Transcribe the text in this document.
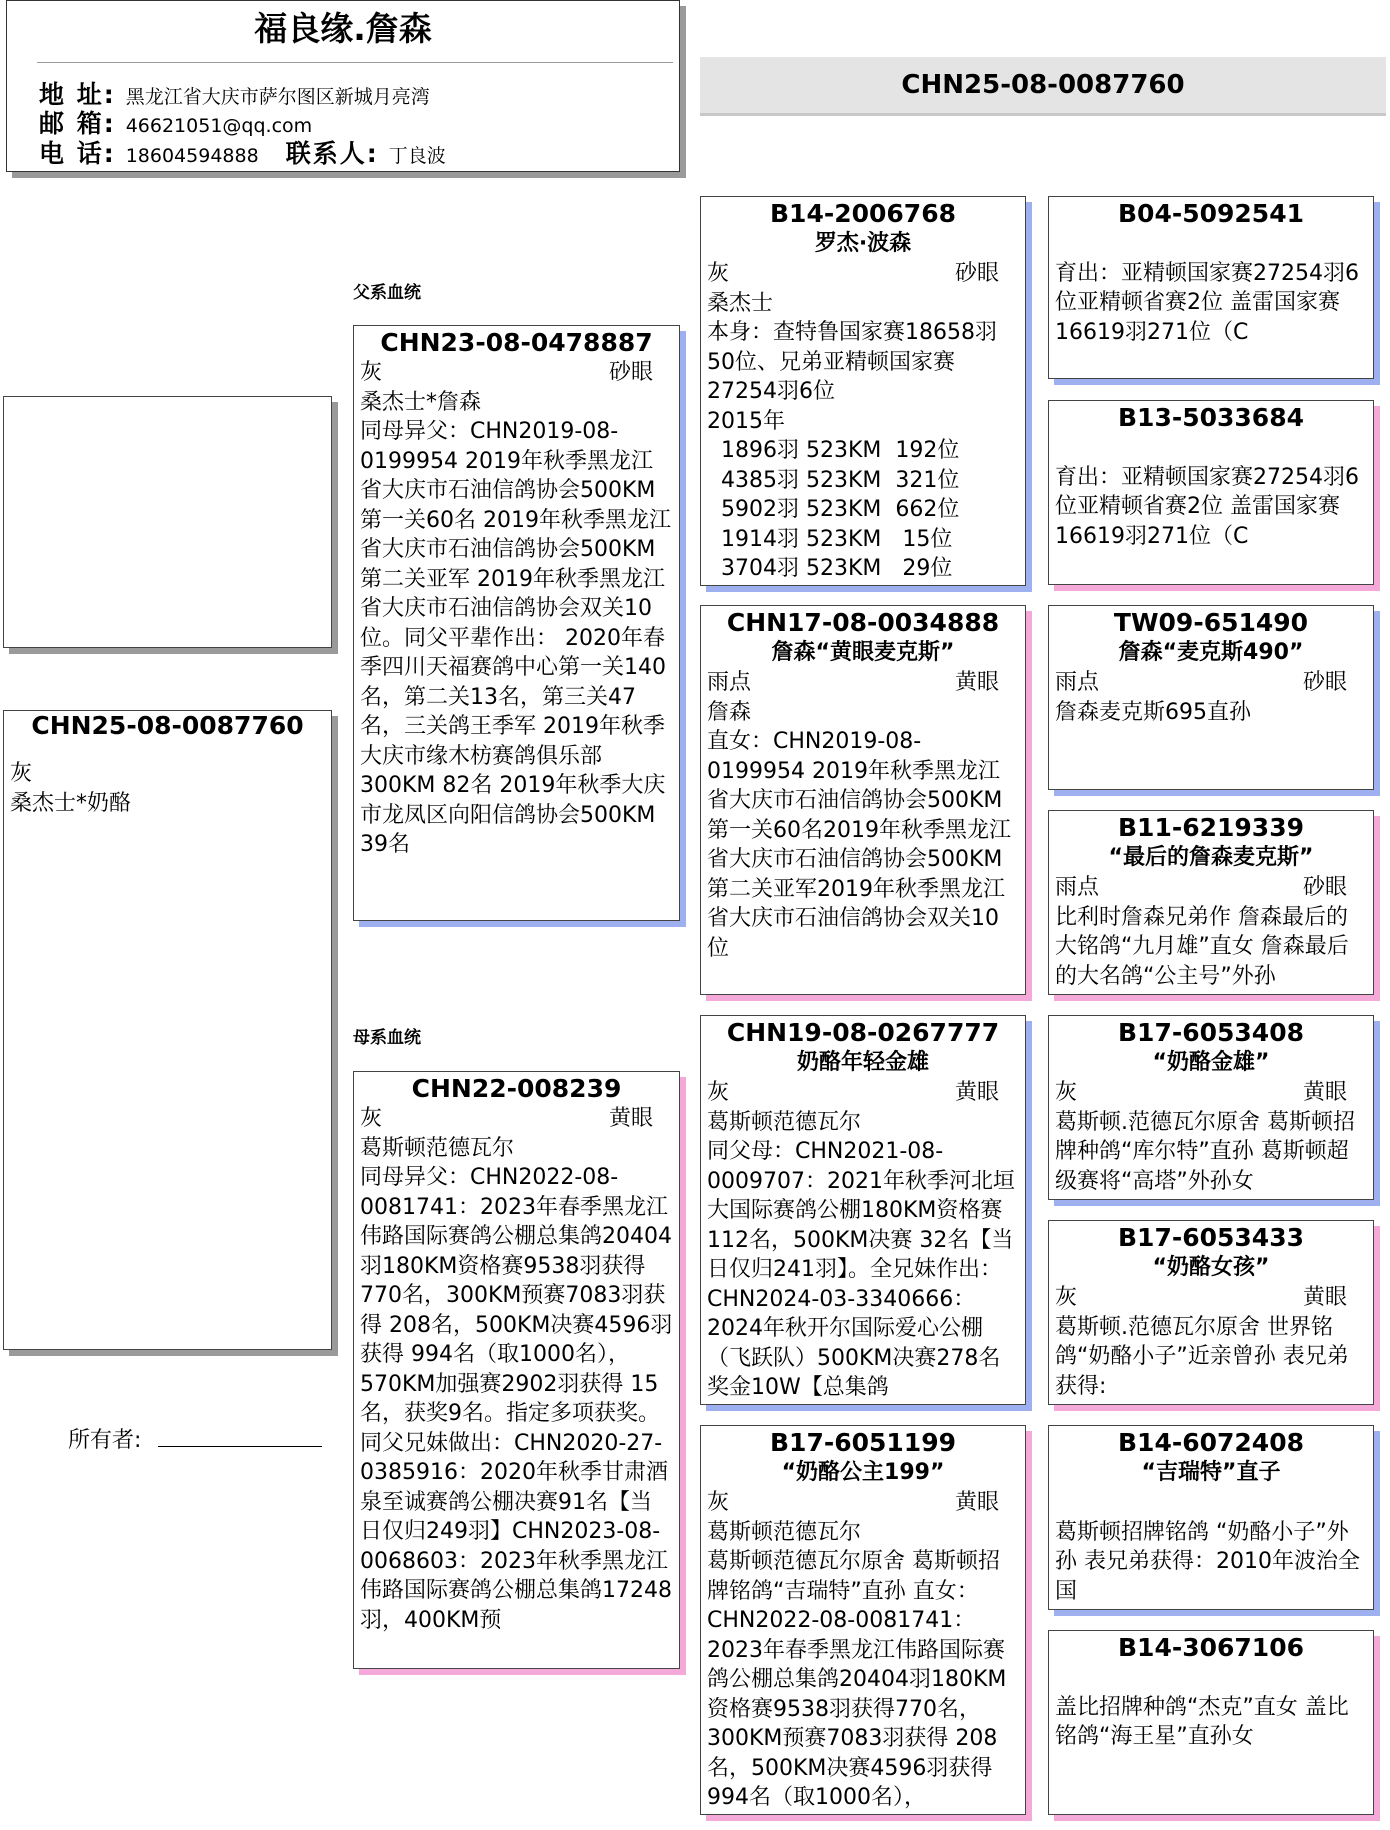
福良缘.詹森
地 址: 黑龙江省大庆市萨尔图区新城月亮湾
邮 箱: 46621051@qq.com
电 话: 18604594888	联系人: 丁良波
CHN25-08-0087760
CHN25-08-0087760
灰
桑杰士*奶酪
所有者:
父系血统
母系血统
CHN23-08-0478887
灰	砂眼
桑杰士*詹森
同母异父：CHN2019-08-0199954 2019年秋季黑龙江省大庆市石油信鸽协会500KM第一关60名 2019年秋季黑龙江省大庆市石油信鸽协会500KM第二关亚军 2019年秋季黑龙江省大庆市石油信鸽协会双关10位。同父平辈作出： 2020年春季四川天福赛鸽中心第一关140名，第二关13名，第三关47名，三关鸽王季军 2019年秋季大庆市缘木枋赛鸽俱乐部300KM 82名 2019年秋季大庆市龙凤区向阳信鸽协会500KM 39名
CHN22-008239
灰	黄眼
葛斯顿范德瓦尔
同母异父：CHN2022-08-0081741：2023年春季黑龙江伟路国际赛鸽公棚总集鸽20404羽180KM资格赛9538羽获得770名，300KM预赛7083羽获得 208名，500KM决赛4596羽获得 994名（取1000名），570KM加强赛2902羽获得 15名，获奖9名。指定多项获奖。同父兄妹做出：CHN2020-27-0385916：2020年秋季甘肃酒泉至诚赛鸽公棚决赛91名【当日仅归249羽】CHN2023-08-0068603：2023年秋季黑龙江伟路国际赛鸽公棚总集鸽17248羽，400KM预
B14-2006768
罗杰·波森
灰	砂眼
桑杰士
本身：查特鲁国家赛18658羽50位、兄弟亚精顿国家赛27254羽6位
2015年
1896羽 523KM  192位
4385羽 523KM  321位
5902羽 523KM  662位
1914羽 523KM   15位
3704羽 523KM   29位
CHN17-08-0034888
詹森“黄眼麦克斯”
雨点	黄眼
詹森
直女：CHN2019-08-0199954 2019年秋季黑龙江省大庆市石油信鸽协会500KM第一关60名2019年秋季黑龙江省大庆市石油信鸽协会500KM第二关亚军2019年秋季黑龙江省大庆市石油信鸽协会双关10位
CHN19-08-0267777
奶酪年轻金雄
灰	黄眼
葛斯顿范德瓦尔
同父母：CHN2021-08-0009707：2021年秋季河北垣大国际赛鸽公棚180KM资格赛112名，500KM决赛 32名【当日仅归241羽】。全兄妹作出： CHN2024-03-3340666：2024年秋开尔国际爱心公棚（飞跃队）500KM决赛278名奖金10W【总集鸽
B17-6051199
“奶酪公主199”
灰	黄眼
葛斯顿范德瓦尔
葛斯顿范德瓦尔原舍 葛斯顿招牌铭鸽“吉瑞特”直孙 直女：CHN2022-08-0081741： 2023年春季黑龙江伟路国际赛鸽公棚总集鸽20404羽180KM资格赛9538羽获得770名，300KM预赛7083羽获得 208名，500KM决赛4596羽获得 994名（取1000名），
B04-5092541
育出：亚精顿国家赛27254羽6位亚精顿省赛2位 盖雷国家赛16619羽271位（C
B13-5033684
育出：亚精顿国家赛27254羽6位亚精顿省赛2位 盖雷国家赛16619羽271位（C
TW09-651490
詹森“麦克斯490”
雨点	砂眼
詹森麦克斯695直孙
B11-6219339
“最后的詹森麦克斯”
雨点	砂眼
比利时詹森兄弟作 詹森最后的大铭鸽“九月雄”直女 詹森最后的大名鸽“公主号”外孙
B17-6053408
“奶酪金雄”
灰	黄眼
葛斯顿.范德瓦尔原舍 葛斯顿招牌种鸽“库尔特”直孙 葛斯顿超级赛将“高塔”外孙女
B17-6053433
“奶酪女孩”
灰	黄眼
葛斯顿.范德瓦尔原舍 世界铭鸽“奶酪小子”近亲曾孙 表兄弟获得:
B14-6072408
“吉瑞特”直子
葛斯顿招牌铭鸽 “奶酪小子”外孙 表兄弟获得：2010年波治全国
B14-3067106
盖比招牌种鸽“杰克”直女 盖比铭鸽“海王星”直孙女
